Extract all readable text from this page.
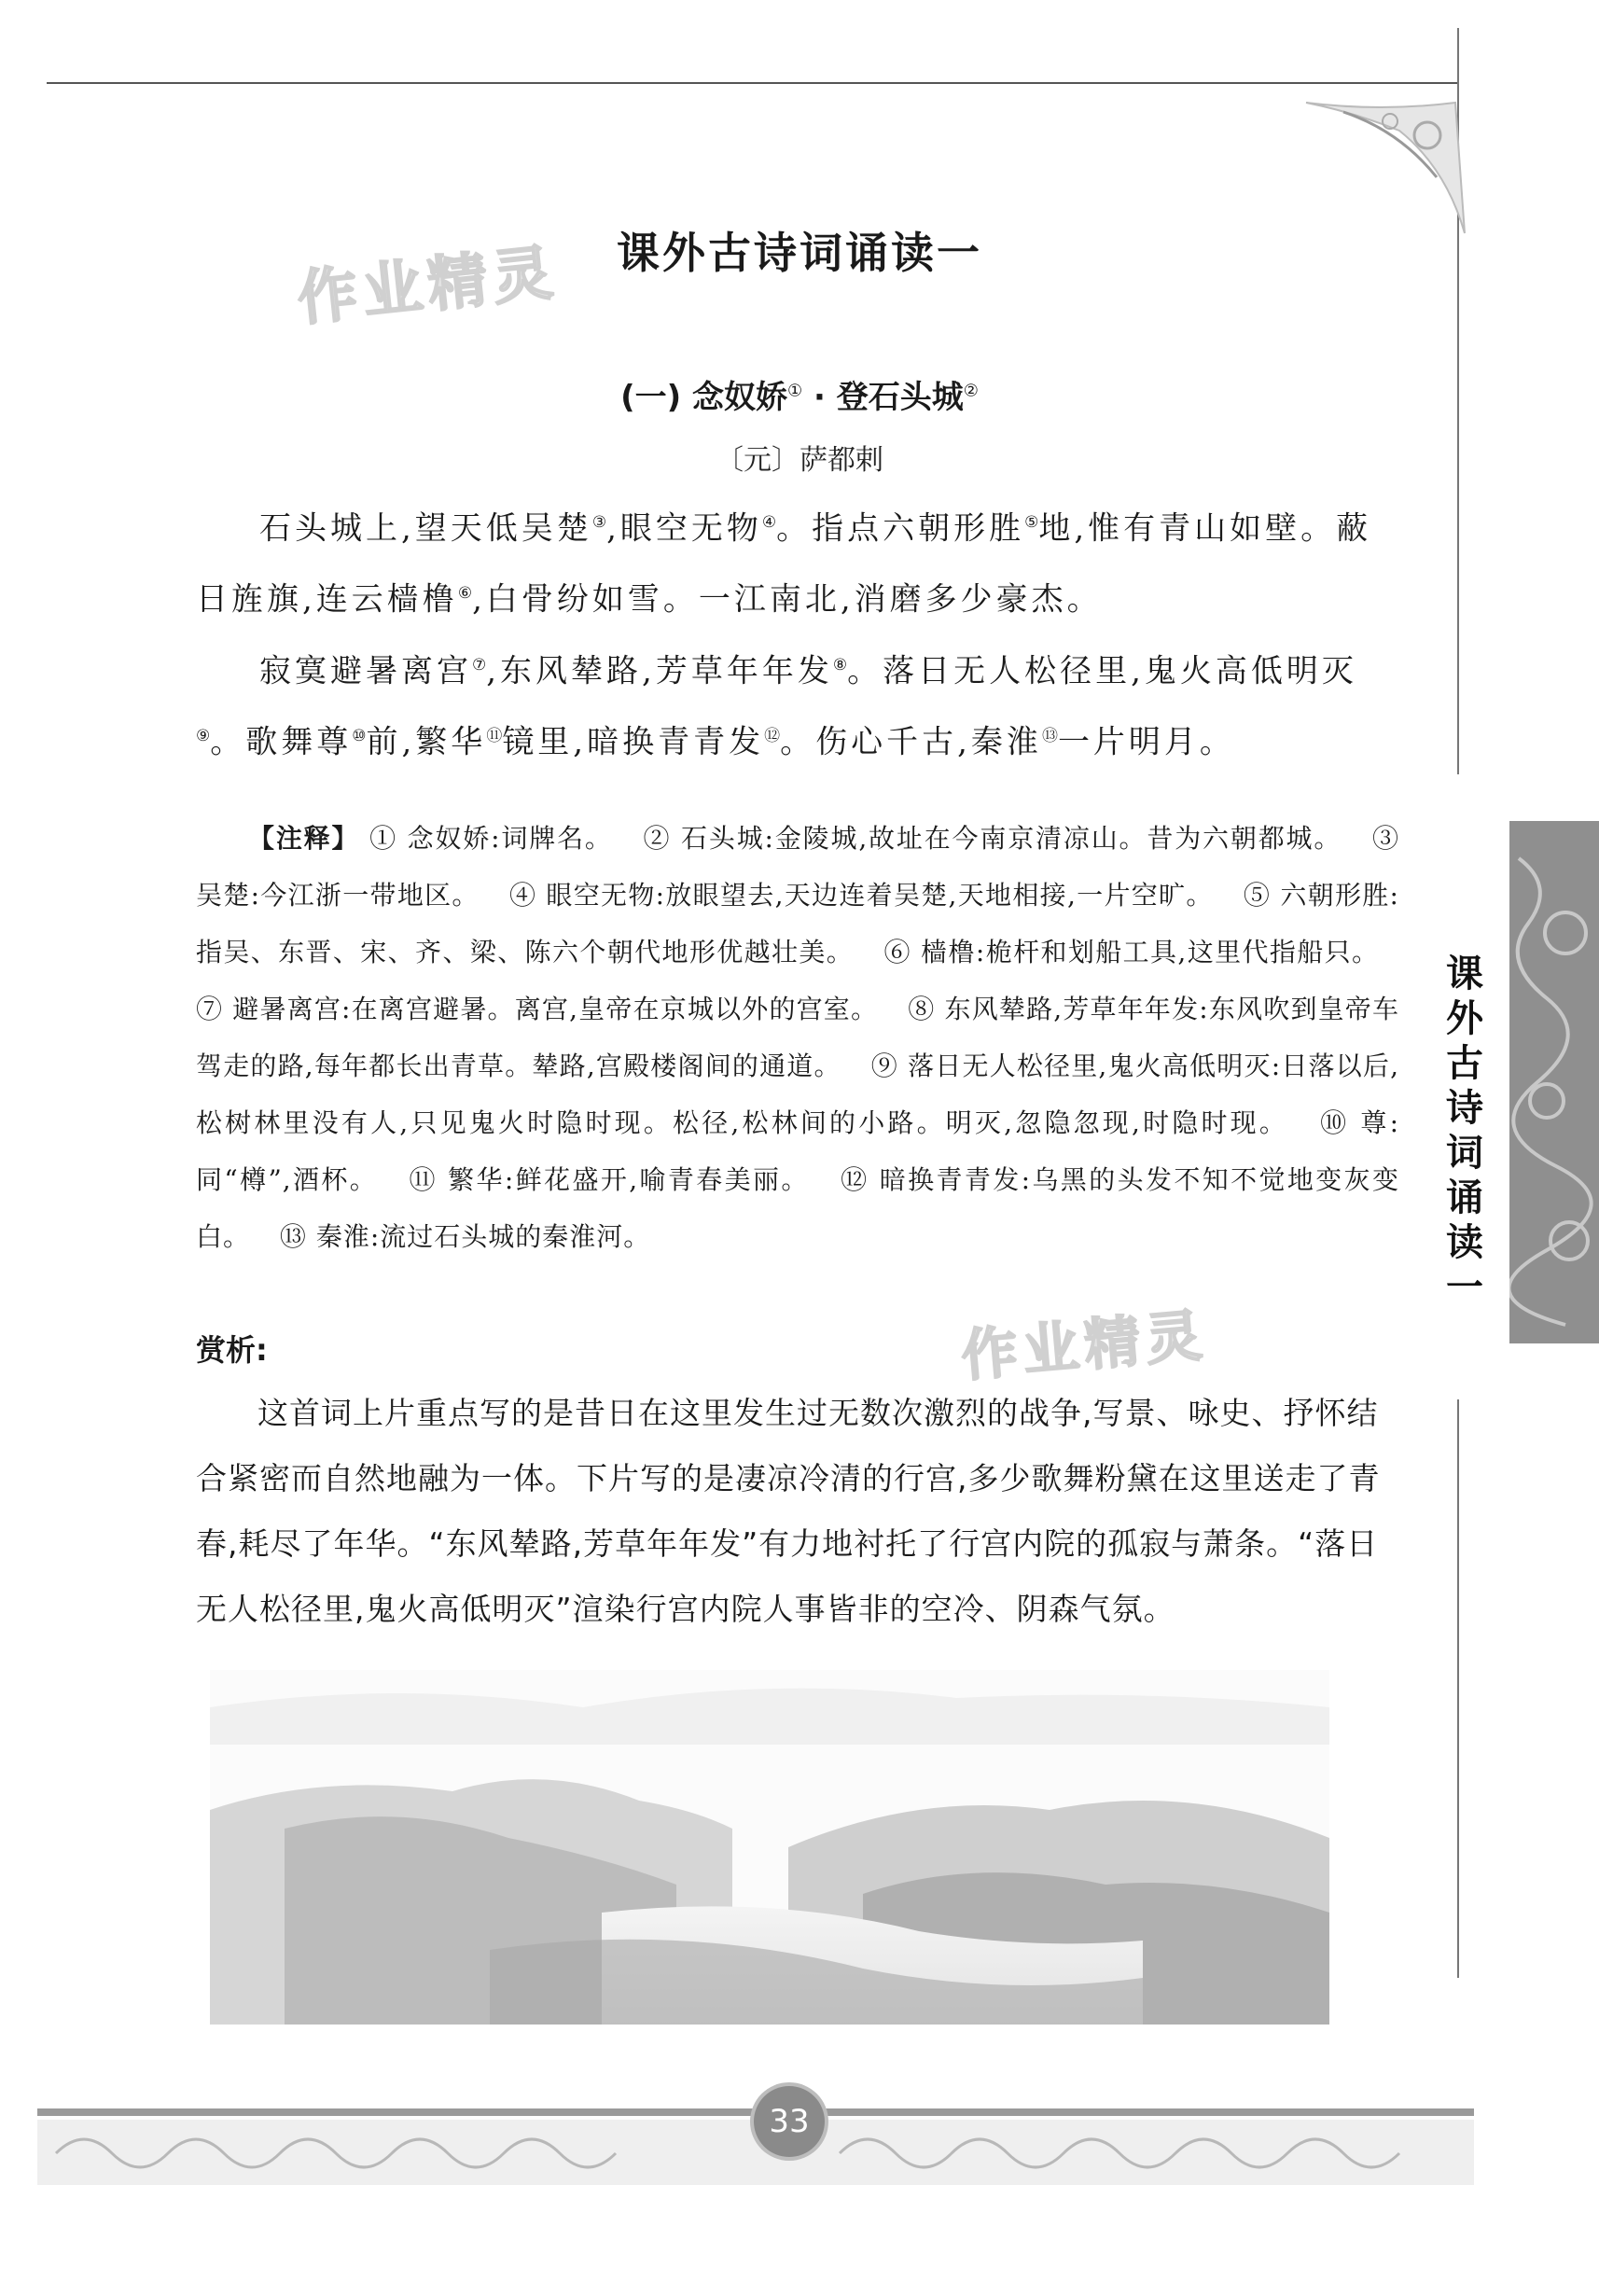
作业精灵
作业精灵
课外古诗词诵读一
(一) 念奴娇① · 登石头城②
〔元〕萨都剌

石头城上,望天低吴楚③,眼空无物④。指点六朝形胜⑤地,惟有青山如壁。蔽日旌旗,连云樯橹⑥,白骨纷如雪。一江南北,消磨多少豪杰。

寂寞避暑离宫⑦,东风辇路,芳草年年发⑧。落日无人松径里,鬼火高低明灭⑨。歌舞尊⑩前,繁华⑪镜里,暗换青青发⑫。伤心千古,秦淮⑬一片明月。

【注释】 ① 念奴娇:词牌名。 ② 石头城:金陵城,故址在今南京清凉山。昔为六朝都城。 ③ 吴楚:今江浙一带地区。 ④ 眼空无物:放眼望去,天边连着吴楚,天地相接,一片空旷。 ⑤ 六朝形胜:指吴、东晋、宋、齐、梁、陈六个朝代地形优越壮美。 ⑥ 樯橹:桅杆和划船工具,这里代指船只。 ⑦ 避暑离宫:在离宫避暑。离宫,皇帝在京城以外的宫室。 ⑧ 东风辇路,芳草年年发:东风吹到皇帝车驾走的路,每年都长出青草。辇路,宫殿楼阁间的通道。 ⑨ 落日无人松径里,鬼火高低明灭:日落以后,松树林里没有人,只见鬼火时隐时现。松径,松林间的小路。明灭,忽隐忽现,时隐时现。 ⑩ 尊:同“樽”,酒杯。 ⑪ 繁华:鲜花盛开,喻青春美丽。 ⑫ 暗换青青发:乌黑的头发不知不觉地变灰变白。 ⑬ 秦淮:流过石头城的秦淮河。
赏析:
这首词上片重点写的是昔日在这里发生过无数次激烈的战争,写景、咏史、抒怀结合紧密而自然地融为一体。下片写的是凄凉冷清的行宫,多少歌舞粉黛在这里送走了青春,耗尽了年华。“东风辇路,芳草年年发”有力地衬托了行宫内院的孤寂与萧条。“落日无人松径里,鬼火高低明灭”渲染行宫内院人事皆非的空冷、阴森气氛。
33
课
外
古
诗
词
诵
读
一
